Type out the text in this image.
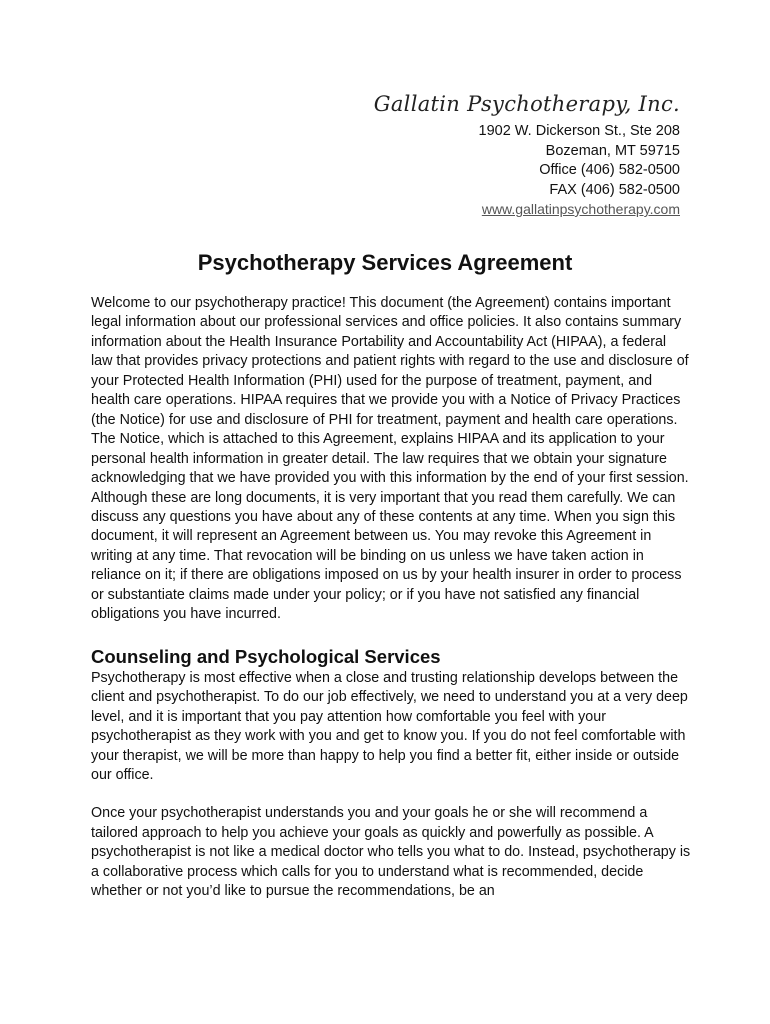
Gallatin Psychotherapy, Inc.
1902 W. Dickerson St., Ste 208
Bozeman, MT 59715
Office (406) 582-0500
FAX (406) 582-0500
www.gallatinpsychotherapy.com
Psychotherapy Services Agreement

Welcome to our psychotherapy practice! This document (the Agreement) contains important legal information about our professional services and office policies. It also contains summary information about the Health Insurance Portability and Accountability Act (HIPAA), a federal law that provides privacy protections and patient rights with regard to the use and disclosure of your Protected Health Information (PHI) used for the purpose of treatment, payment, and health care operations. HIPAA requires that we provide you with a Notice of Privacy Practices (the Notice) for use and disclosure of PHI for treatment, payment and health care operations. The Notice, which is attached to this Agreement, explains HIPAA and its application to your personal health information in greater detail. The law requires that we obtain your signature acknowledging that we have provided you with this information by the end of your first session. Although these are long documents, it is very important that you read them carefully. We can discuss any questions you have about any of these contents at any time. When you sign this document, it will represent an Agreement between us. You may revoke this Agreement in writing at any time. That revocation will be binding on us unless we have taken action in reliance on it; if there are obligations imposed on us by your health insurer in order to process or substantiate claims made under your policy; or if you have not satisfied any financial obligations you have incurred.

Counseling and Psychological Services

Psychotherapy is most effective when a close and trusting relationship develops between the client and psychotherapist. To do our job effectively, we need to understand you at a very deep level, and it is important that you pay attention how comfortable you feel with your psychotherapist as they work with you and get to know you. If you do not feel comfortable with your therapist, we will be more than happy to help you find a better fit, either inside or outside our office.

Once your psychotherapist understands you and your goals he or she will recommend a tailored approach to help you achieve your goals as quickly and powerfully as possible. A psychotherapist is not like a medical doctor who tells you what to do. Instead, psychotherapy is a collaborative process which calls for you to understand what is recommended, decide whether or not you’d like to pursue the recommendations, be an
